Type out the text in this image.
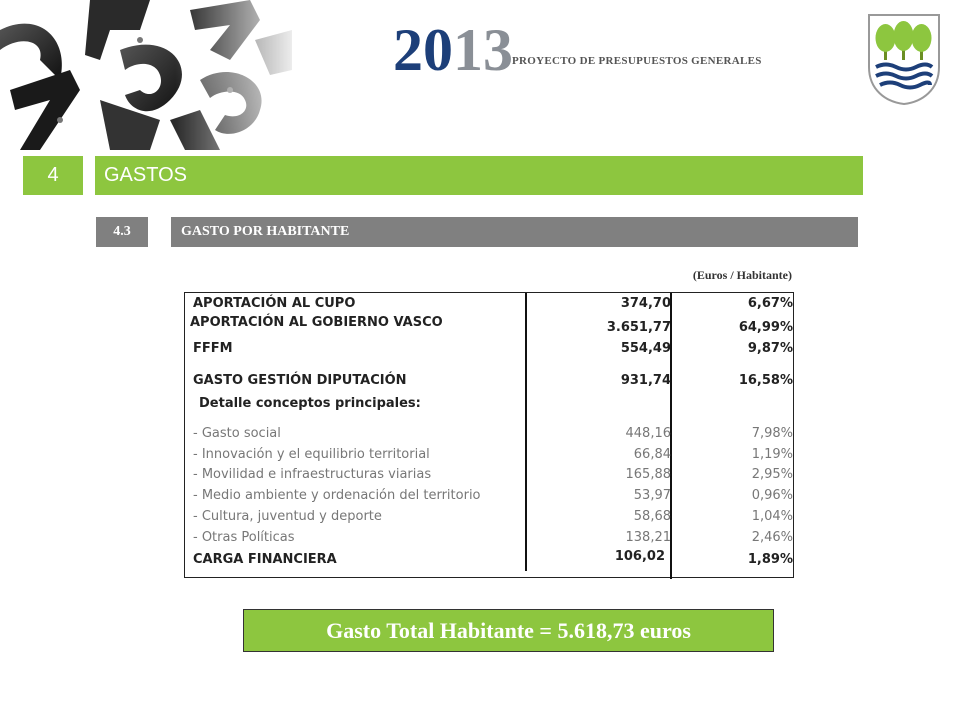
2013 PROYECTO DE PRESUPUESTOS GENERALES
4	GASTOS
4.3	GASTO POR HABITANTE
(Euros / Habitante)
APORTACIÓN AL CUPO	374,70	6,67%
APORTACIÓN AL GOBIERNO VASCO	3.651,77	64,99%
FFFM	554,49	9,87%
GASTO GESTIÓN DIPUTACIÓN	931,74	16,58%
Detalle conceptos principales:
- Gasto social	448,16	7,98%
- Innovación y el equilibrio territorial	66,84	1,19%
- Movilidad e infraestructuras viarias	165,88	2,95%
- Medio ambiente y ordenación del territorio	53,97	0,96%
- Cultura, juventud y deporte	58,68	1,04%
- Otras Políticas	138,21	2,46%
CARGA FINANCIERA	106,02	1,89%
Gasto Total Habitante = 5.618,73 euros
